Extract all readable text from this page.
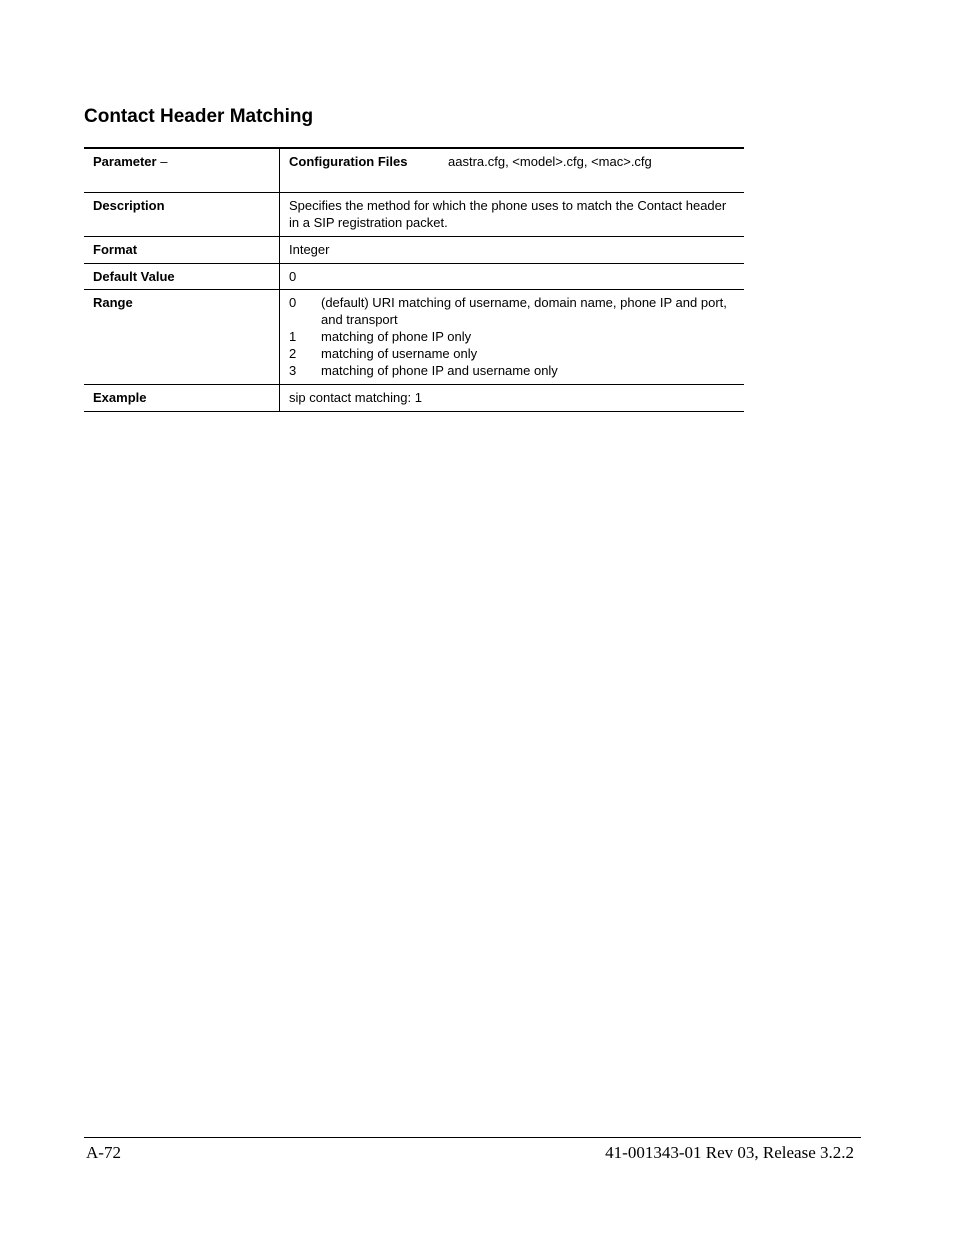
Contact Header Matching
Parameter –	Configuration Files	aastra.cfg, <model>.cfg, <mac>.cfg
Description	Specifies the method for which the phone uses to match the Contact header in a SIP registration packet.
Format	Integer
Default Value	0
Range	0	(default) URI matching of username, domain name, phone IP and port, and transport
1	matching of phone IP only
2	matching of username only
3	matching of phone IP and username only
Example	sip contact matching: 1
A-72	41-001343-01 Rev 03, Release 3.2.2
